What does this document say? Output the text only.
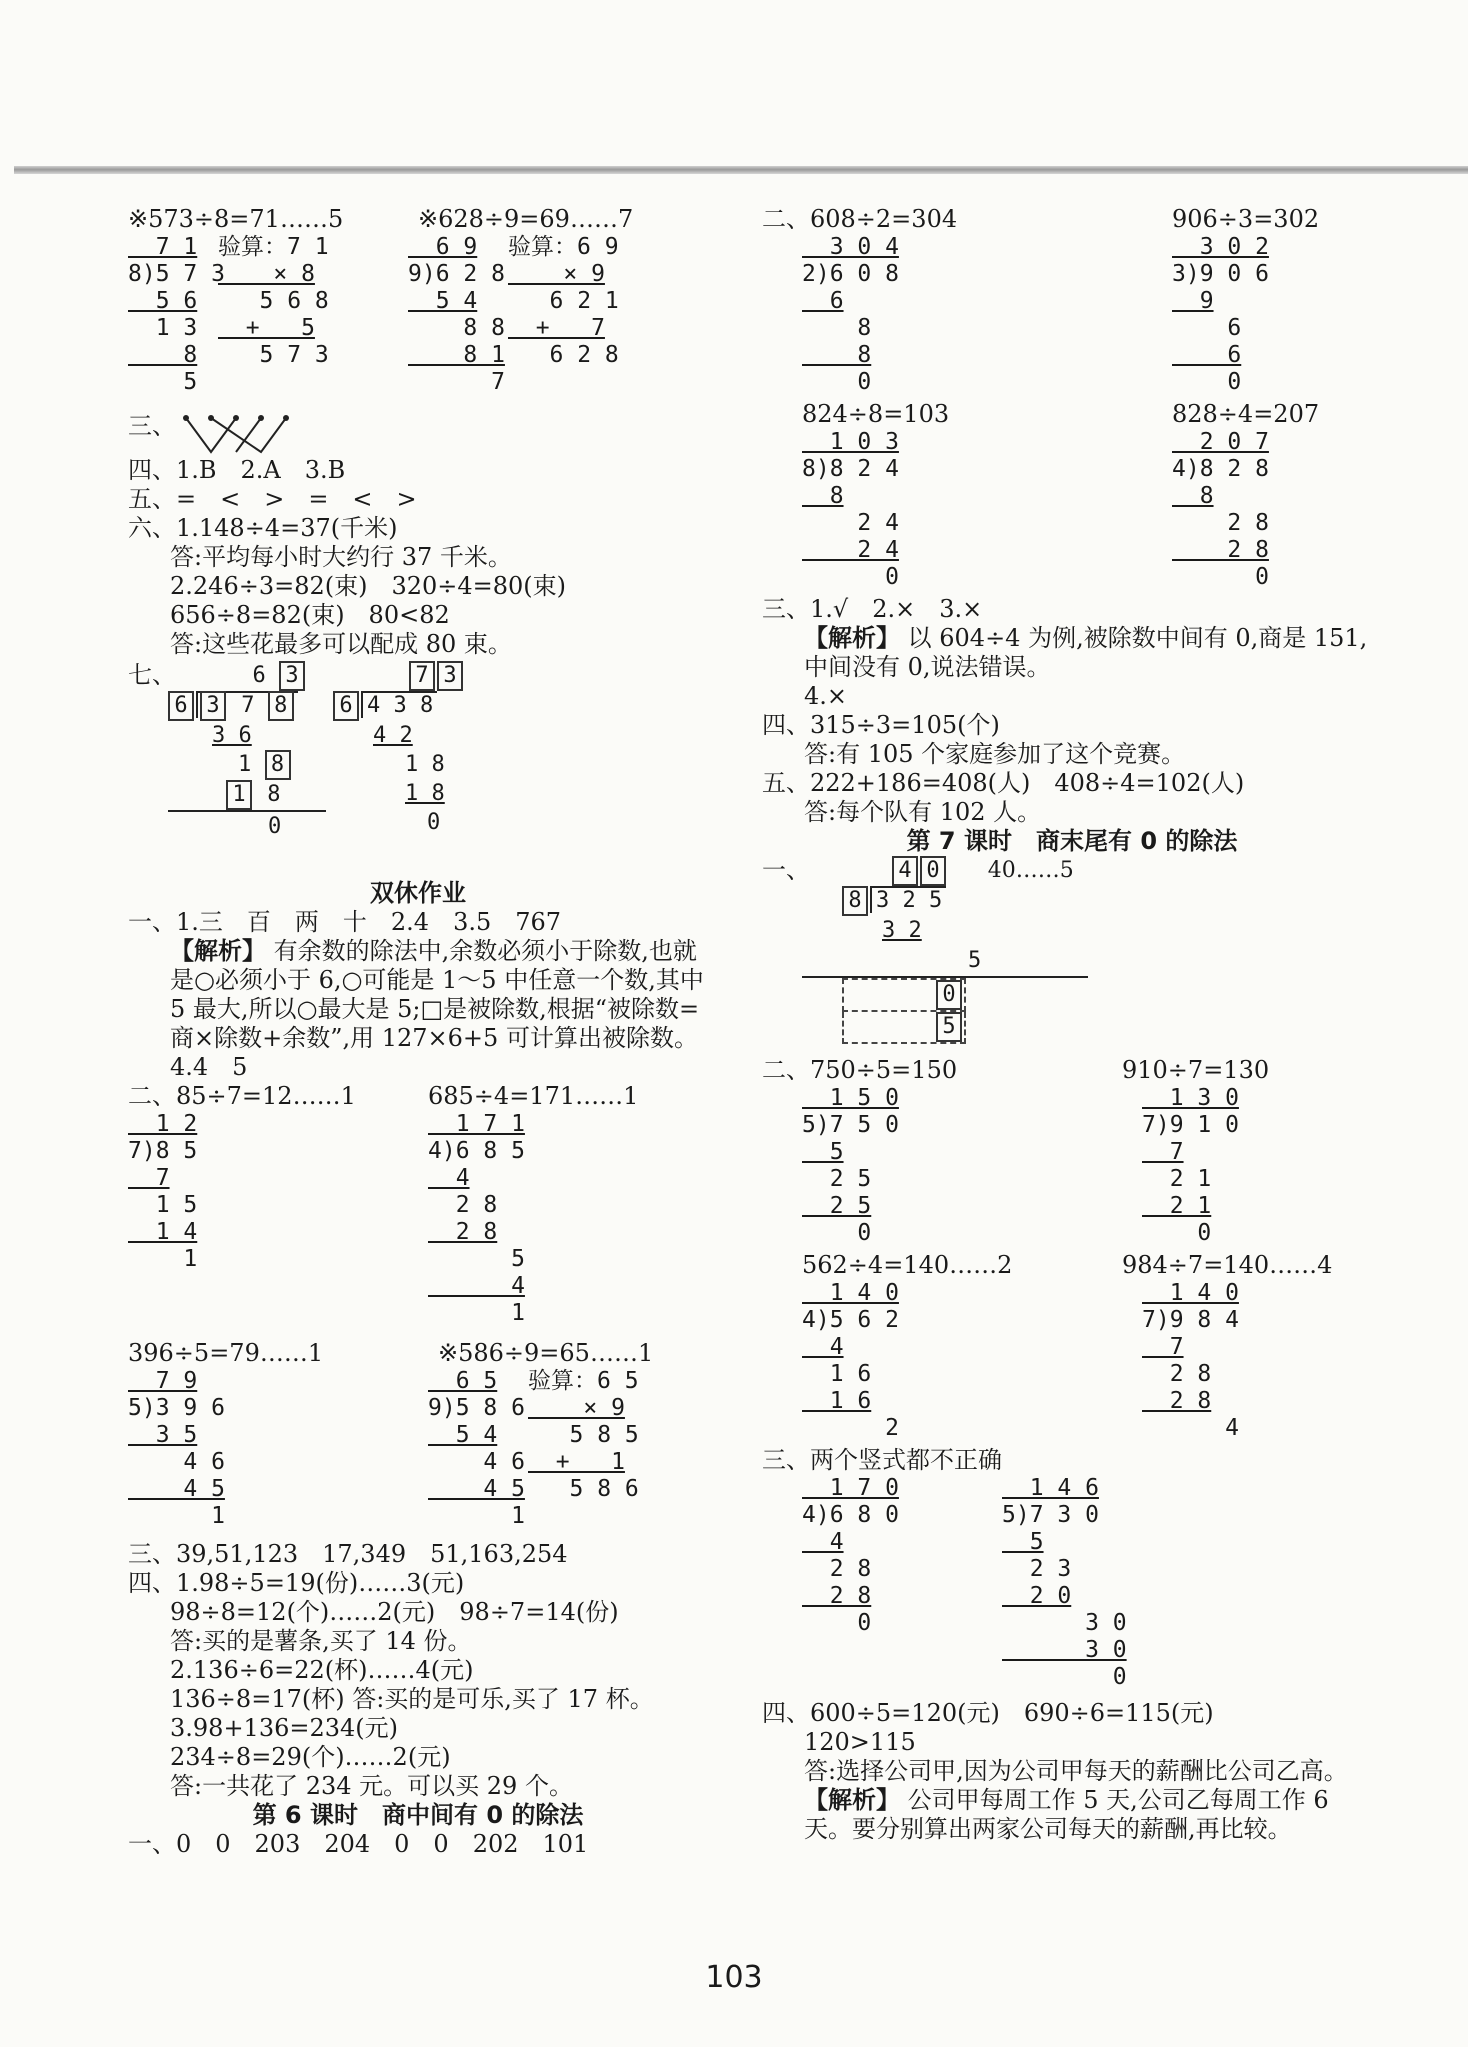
※573÷8=71……5	※628÷9=69……7
7 1
8)5 7 3
5 6
1 3
8
5
验算：7 1
× 8
5 6 8
+   5
5 7 3
6 9
9)6 2 8
5 4
8 8
8 1
7
验算：6 9
× 9
6 2 1
+   7
6 2 8
三、
四、1.B　2.A　3.B
五、=　<　>　=　<　>
六、1.148÷4=37(千米)
答:平均每小时大约行 37 千米。
2.246÷3=82(束)　320÷4=80(束)
656÷8=82(束)　80<82
答:这些花最多可以配成 80 束。
七、	6 3
6 3 7 8
3 6
1 8
1 8
0
7 3
6 4 3 8
4 2
1 8
1 8
0
双休作业
一、1.三　百　两　十　2.4　3.5　767
【解析】 有余数的除法中,余数必须小于除数,也就是○必须小于 6,○可能是 1～5 中任意一个数,其中 5 最大,所以○最大是 5;□是被除数,根据“被除数=商×除数+余数”,用 127×6+5 可计算出被除数。
4.4　5
二、85÷7=12……1	685÷4=171……1
1 2
7)8 5
7
1 5
1 4
1
1 7 1
4)6 8 5
4
2 8
2 8
5
4
1
396÷5=79……1	※586÷9=65……1
7 9
5)3 9 6
3 5
4 6
4 5
1
6 5
9)5 8 6
5 4
4 6
4 5
1
验算：6 5
× 9
5 8 5
+   1
5 8 6
三、39,51,123　17,349　51,163,254
四、1.98÷5=19(份)……3(元)
98÷8=12(个)……2(元)　98÷7=14(份)
答:买的是薯条,买了 14 份。
2.136÷6=22(杯)……4(元)
136÷8=17(杯) 答:买的是可乐,买了 17 杯。
3.98+136=234(元)
234÷8=29(个)……2(元)
答:一共花了 234 元。可以买 29 个。
第 6 课时　商中间有 0 的除法
一、0　0　203　204　0　0　202　101
二、608÷2=304	906÷3=302
3 0 4
2)6 0 8
6
8
8
0
3 0 2
3)9 0 6
9
6
6
0
824÷8=103	828÷4=207
1 0 3
8)8 2 4
8
2 4
2 4
0
2 0 7
4)8 2 8
8
2 8
2 8
0
三、1.√　2.×　3.×
【解析】 以 604÷4 为例,被除数中间有 0,商是 151,中间没有 0,说法错误。
4.×
四、315÷3=105(个)
答:有 105 个家庭参加了这个竞赛。
五、222+186=408(人)　408÷4=102(人)
答:每个队有 102 人。
第 7 课时　商末尾有 0 的除法
一、	4 0 40……5
8 3 2 5
3 2
5
0
5
二、750÷5=150	910÷7=130
1 5 0
5)7 5 0
5
2 5
2 5
0
1 3 0
7)9 1 0
7
2 1
2 1
0
562÷4=140……2	984÷7=140……4
1 4 0
4)5 6 2
4
1 6
1 6
2
1 4 0
7)9 8 4
7
2 8
2 8
4
三、两个竖式都不正确
1 7 0
4)6 8 0
4
2 8
2 8
0
1 4 6
5)7 3 0
5
2 3
2 0
3 0
3 0
0
四、600÷5=120(元)　690÷6=115(元)
120>115
答:选择公司甲,因为公司甲每天的薪酬比公司乙高。
【解析】 公司甲每周工作 5 天,公司乙每周工作 6 天。要分别算出两家公司每天的薪酬,再比较。
103
